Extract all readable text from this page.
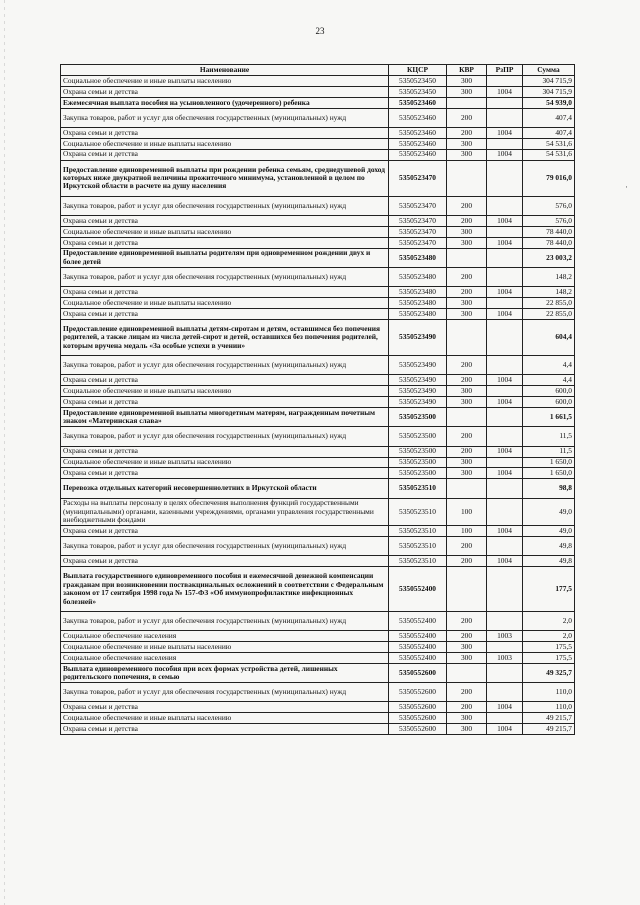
23
·
Наименование	КЦСР	КВР	РзПР	Сумма
Социальное обеспечение и иные выплаты населению	5350523450	300		304 715,9
Охрана семьи и детства	5350523450	300	1004	304 715,9
Ежемесячная выплата пособия на усыновленного (удочеренного) ребенка	5350523460			54 939,0
Закупка товаров, работ и услуг для обеспечения государственных (муниципальных) нужд	5350523460	200		407,4
Охрана семьи и детства	5350523460	200	1004	407,4
Социальное обеспечение и иные выплаты населению	5350523460	300		54 531,6
Охрана семьи и детства	5350523460	300	1004	54 531,6
Предоставление единовременной выплаты при рождении ребенка семьям, среднедушевой доход которых ниже двукратной величины прожиточного минимума, установленной в целом по Иркутской области в расчете на душу населения	5350523470			79 016,0
Закупка товаров, работ и услуг для обеспечения государственных (муниципальных) нужд	5350523470	200		576,0
Охрана семьи и детства	5350523470	200	1004	576,0
Социальное обеспечение и иные выплаты населению	5350523470	300		78 440,0
Охрана семьи и детства	5350523470	300	1004	78 440,0
Предоставление единовременной выплаты родителям при одновременном рождении двух и более детей	5350523480			23 003,2
Закупка товаров, работ и услуг для обеспечения государственных (муниципальных) нужд	5350523480	200		148,2
Охрана семьи и детства	5350523480	200	1004	148,2
Социальное обеспечение и иные выплаты населению	5350523480	300		22 855,0
Охрана семьи и детства	5350523480	300	1004	22 855,0
Предоставление единовременной выплаты детям-сиротам и детям, оставшимся без попечения родителей, а также лицам из числа детей-сирот и детей, оставшихся без попечения родителей, которым вручена медаль «За особые успехи в учении»	5350523490			604,4
Закупка товаров, работ и услуг для обеспечения государственных (муниципальных) нужд	5350523490	200		4,4
Охрана семьи и детства	5350523490	200	1004	4,4
Социальное обеспечение и иные выплаты населению	5350523490	300		600,0
Охрана семьи и детства	5350523490	300	1004	600,0
Предоставление единовременной выплаты многодетным матерям, награжденным почетным знаком «Материнская слава»	5350523500			1 661,5
Закупка товаров, работ и услуг для обеспечения государственных (муниципальных) нужд	5350523500	200		11,5
Охрана семьи и детства	5350523500	200	1004	11,5
Социальное обеспечение и иные выплаты населению	5350523500	300		1 650,0
Охрана семьи и детства	5350523500	300	1004	1 650,0
Перевозка отдельных категорий несовершеннолетних в Иркутской области	5350523510			98,8
Расходы на выплаты персоналу в целях обеспечения выполнения функций государственными (муниципальными) органами, казенными учреждениями, органами управления государственными внебюджетными фондами	5350523510	100		49,0
Охрана семьи и детства	5350523510	100	1004	49,0
Закупка товаров, работ и услуг для обеспечения государственных (муниципальных) нужд	5350523510	200		49,8
Охрана семьи и детства	5350523510	200	1004	49,8
Выплата государственного единовременного пособия и ежемесячной денежной компенсации гражданам при возникновении поствакцинальных осложнений в соответствии с Федеральным законом от 17 сентября 1998 года № 157-ФЗ «Об иммунопрофилактике инфекционных болезней»	5350552400			177,5
Закупка товаров, работ и услуг для обеспечения государственных (муниципальных) нужд	5350552400	200		2,0
Социальное обеспечение населения	5350552400	200	1003	2,0
Социальное обеспечение и иные выплаты населению	5350552400	300		175,5
Социальное обеспечение населения	5350552400	300	1003	175,5
Выплата единовременного пособия при всех формах устройства детей, лишенных родительского попечения, в семью	5350552600			49 325,7
Закупка товаров, работ и услуг для обеспечения государственных (муниципальных) нужд	5350552600	200		110,0
Охрана семьи и детства	5350552600	200	1004	110,0
Социальное обеспечение и иные выплаты населению	5350552600	300		49 215,7
Охрана семьи и детства	5350552600	300	1004	49 215,7
